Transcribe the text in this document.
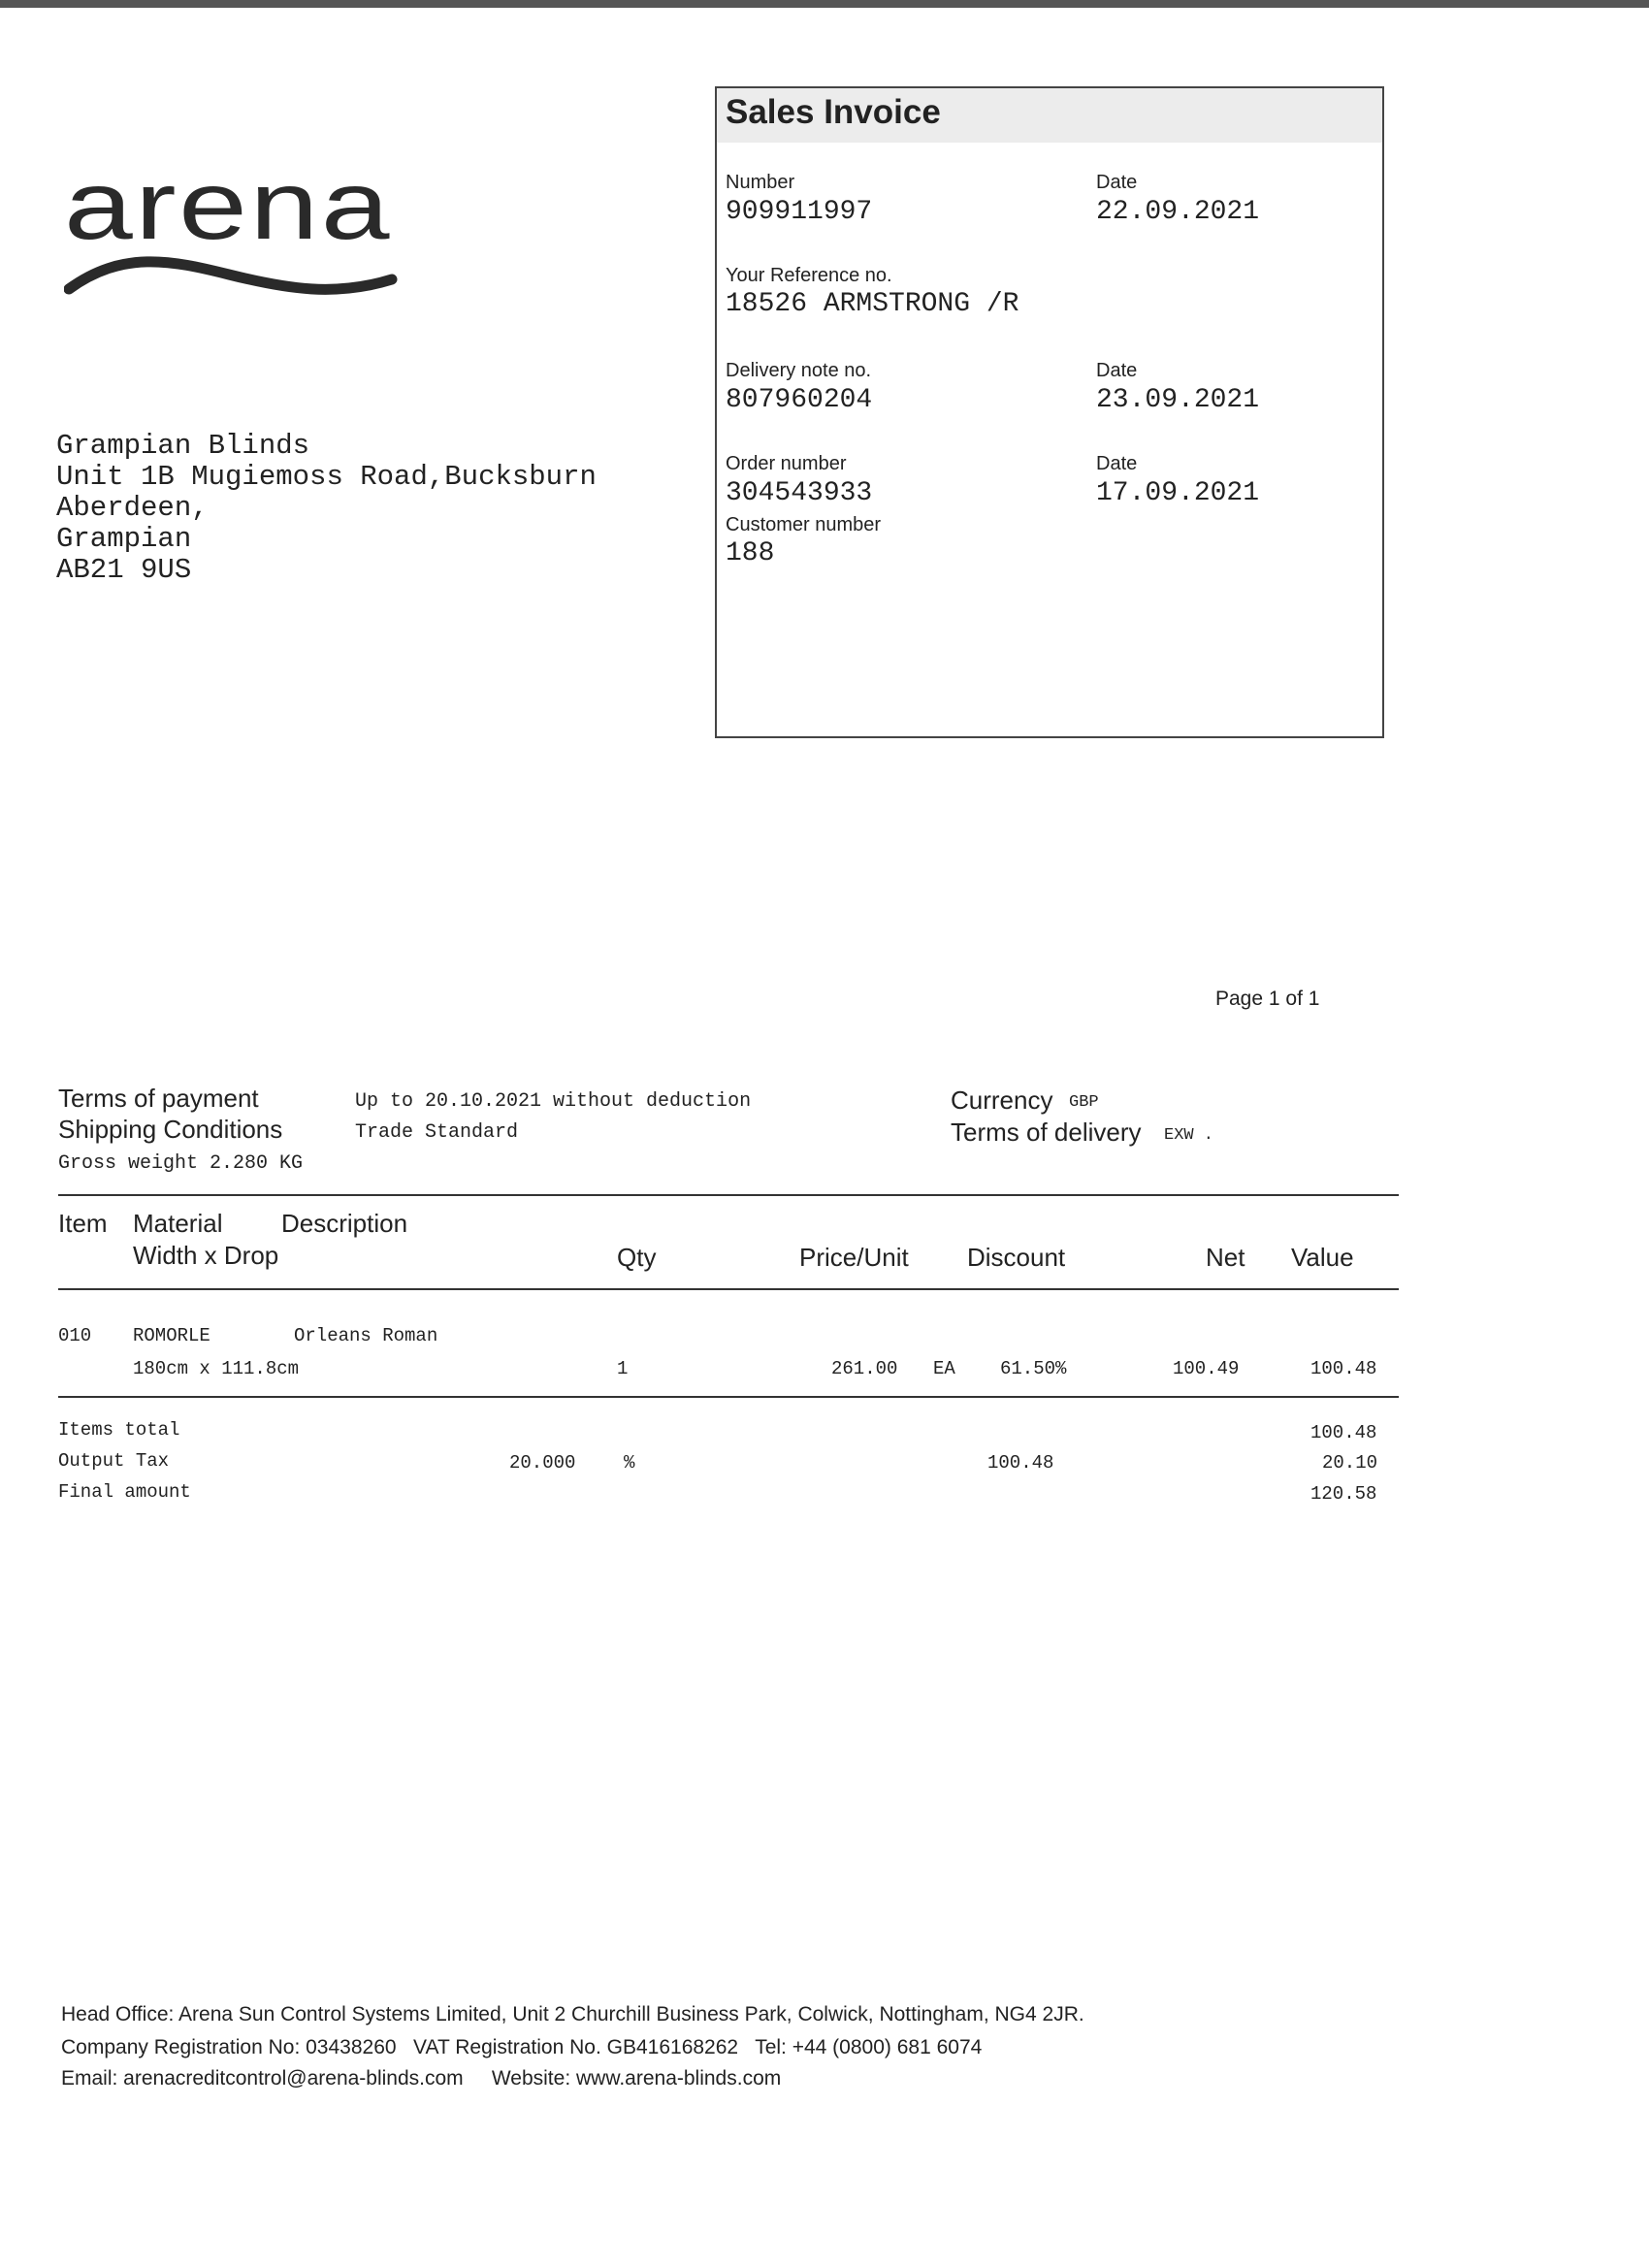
arena

Grampian Blinds
Unit 1B Mugiemoss Road,Bucksburn
Aberdeen,
Grampian
AB21 9US
Sales Invoice
Number
909911997
Date
22.09.2021
Your Reference no.
18526 ARMSTRONG /R
Delivery note no.
807960204
Date
23.09.2021
Order number
304543933
Date
17.09.2021
Customer number
188
Page 1 of 1
Terms of payment	Up to 20.10.2021 without deduction
Shipping Conditions	Trade Standard
Gross weight 2.280 KG
Currency GBP
Terms of delivery EXW .
Item Material Description
Width x Drop	Qty	Price/Unit Discount	Net Value
010 ROMORLE	Orleans Roman
180cm x 111.8cm	1	261.00 EA 61.50%	100.49	100.48
Items total	100.48
Output Tax	20.000	%	100.48	20.10
Final amount	120.58
Head Office: Arena Sun Control Systems Limited, Unit 2 Churchill Business Park, Colwick, Nottingham, NG4 2JR.
Company Registration No: 03438260   VAT Registration No. GB416168262   Tel: +44 (0800) 681 6074
Email: arenacreditcontrol@arena-blinds.com     Website: www.arena-blinds.com
